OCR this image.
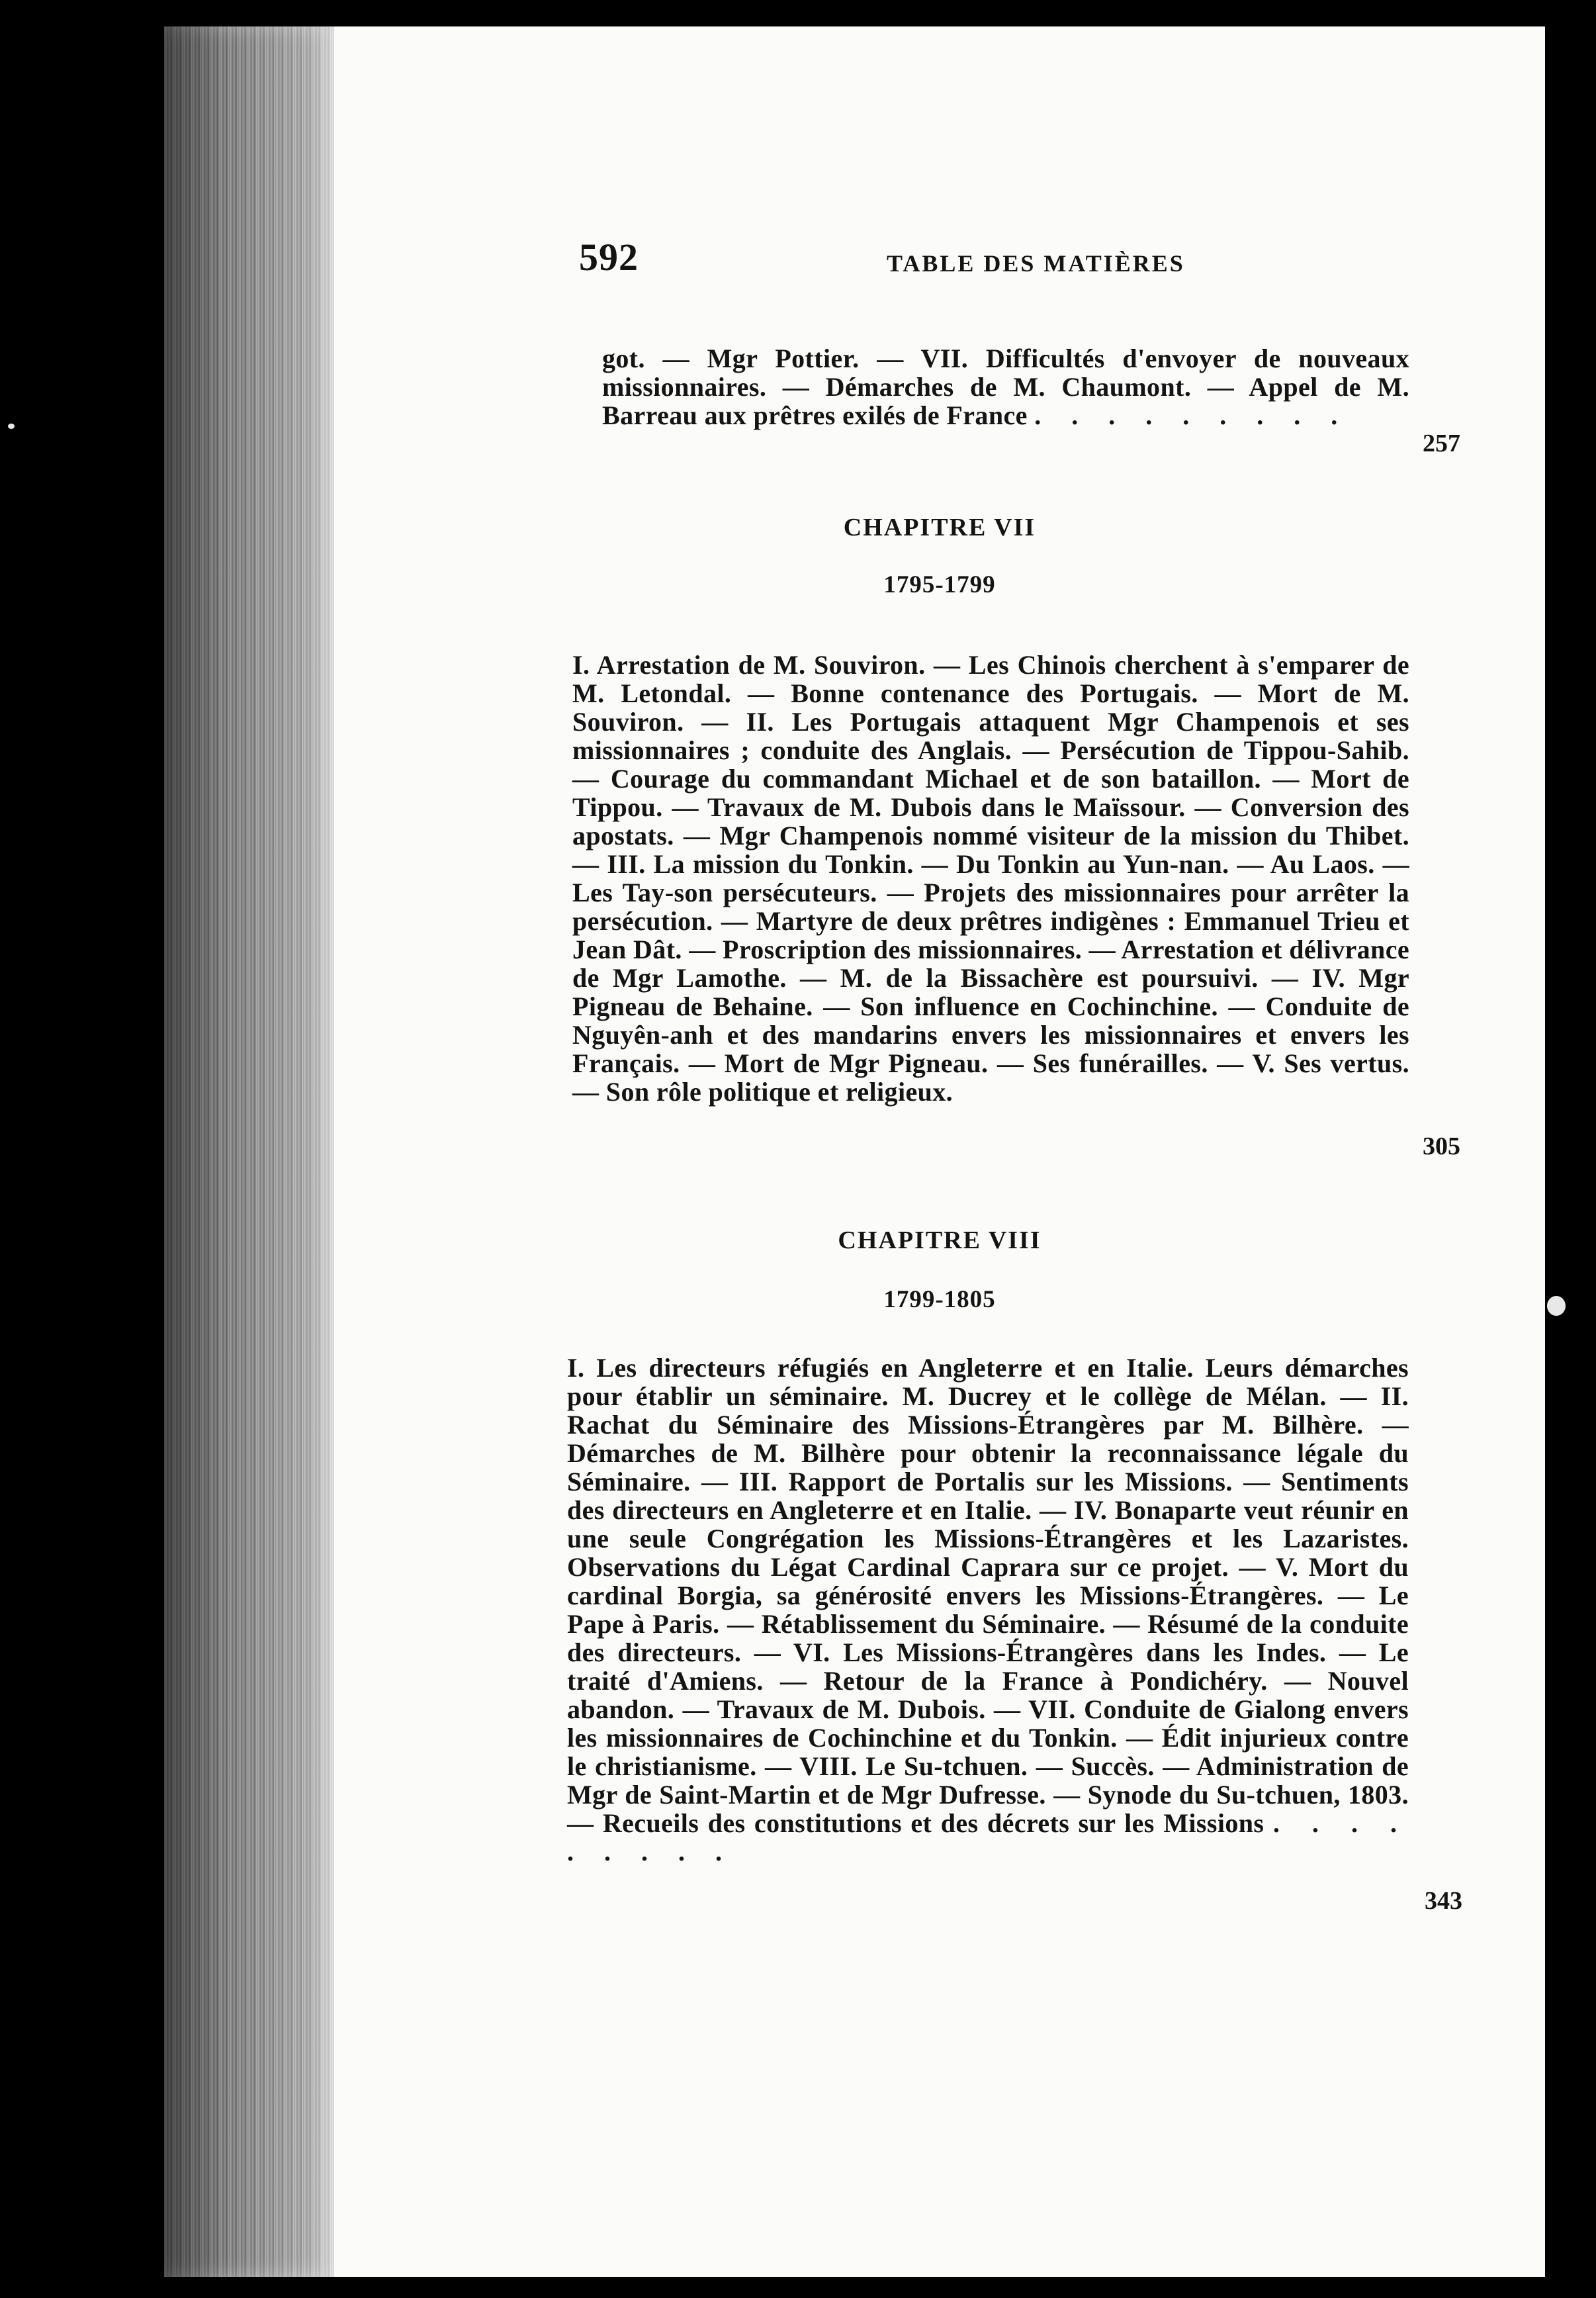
592	TABLE DES MATIÈRES
got. — Mgr Pottier. — VII. Difficultés d'envoyer de nouveaux missionnaires. — Démarches de M. Chaumont. — Appel de M. Barreau aux prêtres exilés de France . . . . . . . . .
257
CHAPITRE VII
1795-1799
I. Arrestation de M. Souviron. — Les Chinois cherchent à s'emparer de M. Letondal. — Bonne contenance des Portugais. — Mort de M. Souviron. — II. Les Portugais attaquent Mgr Champenois et ses missionnaires ; conduite des Anglais. — Persécution de Tippou-Sahib. — Courage du commandant Michael et de son bataillon. — Mort de Tippou. — Travaux de M. Dubois dans le Maïssour. — Conversion des apostats. — Mgr Champenois nommé visiteur de la mission du Thibet. — III. La mission du Tonkin. — Du Tonkin au Yun-nan. — Au Laos. — Les Tay-son persécuteurs. — Projets des missionnaires pour arrêter la persécution. — Martyre de deux prêtres indigènes : Emmanuel Trieu et Jean Dât. — Proscription des missionnaires. — Arrestation et délivrance de Mgr Lamothe. — M. de la Bissachère est poursuivi. — IV. Mgr Pigneau de Behaine. — Son influence en Cochinchine. — Conduite de Nguyên-anh et des mandarins envers les missionnaires et envers les Français. — Mort de Mgr Pigneau. — Ses funérailles. — V. Ses vertus. — Son rôle politique et religieux.
305
CHAPITRE VIII
1799-1805
I. Les directeurs réfugiés en Angleterre et en Italie. Leurs démarches pour établir un séminaire. M. Ducrey et le collège de Mélan. — II. Rachat du Séminaire des Missions-Étrangères par M. Bilhère. — Démarches de M. Bilhère pour obtenir la reconnaissance légale du Séminaire. — III. Rapport de Portalis sur les Missions. — Sentiments des directeurs en Angleterre et en Italie. — IV. Bonaparte veut réunir en une seule Congrégation les Missions-Étrangères et les Lazaristes. Observations du Légat Cardinal Caprara sur ce projet. — V. Mort du cardinal Borgia, sa générosité envers les Missions-Étrangères. — Le Pape à Paris. — Rétablissement du Séminaire. — Résumé de la conduite des directeurs. — VI. Les Missions-Étrangères dans les Indes. — Le traité d'Amiens. — Retour de la France à Pondichéry. — Nouvel abandon. — Travaux de M. Dubois. — VII. Conduite de Gialong envers les missionnaires de Cochinchine et du Tonkin. — Édit injurieux contre le christianisme. — VIII. Le Su-tchuen. — Succès. — Administration de Mgr de Saint-Martin et de Mgr Dufresse. — Synode du Su-tchuen, 1803. — Recueils des constitutions et des décrets sur les Missions . . . . . . . . .
343
